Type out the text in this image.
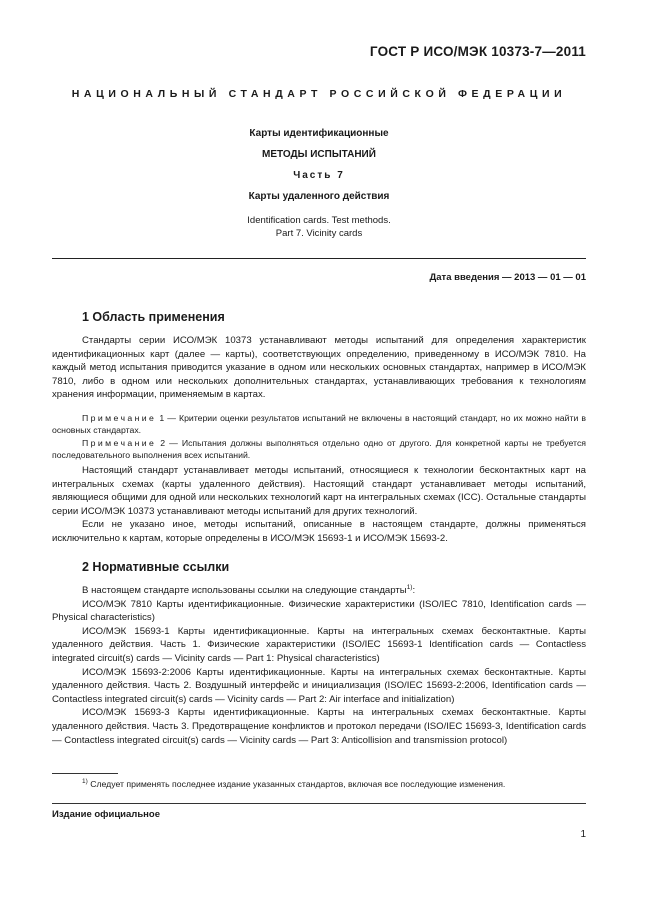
ГОСТ Р ИСО/МЭК 10373-7—2011
НАЦИОНАЛЬНЫЙ СТАНДАРТ РОССИЙСКОЙ ФЕДЕРАЦИИ
Карты идентификационные
МЕТОДЫ ИСПЫТАНИЙ
Часть 7
Карты удаленного действия
Identification cards. Test methods.
Part 7. Vicinity cards
Дата введения — 2013 — 01 — 01
1 Область применения

Стандарты серии ИСО/МЭК 10373 устанавливают методы испытаний для определения характеристик идентификационных карт (далее — карты), соответствующих определению, приведенному в ИСО/МЭК 7810. На каждый метод испытания приводится указание в одном или нескольких основных стандартах, например в ИСО/МЭК 7810, либо в одном или нескольких дополнительных стандартах, устанавливающих требования к технологиям хранения информации, применяемым в картах.

Примечание 1 — Критерии оценки результатов испытаний не включены в настоящий стандарт, но их можно найти в основных стандартах.

Примечание 2 — Испытания должны выполняться отдельно одно от другого. Для конкретной карты не требуется последовательного выполнения всех испытаний.

Настоящий стандарт устанавливает методы испытаний, относящиеся к технологии бесконтактных карт на интегральных схемах (карты удаленного действия). Настоящий стандарт устанавливает методы испытаний, являющиеся общими для одной или нескольких технологий карт на интегральных схемах (ICC). Остальные стандарты серии ИСО/МЭК 10373 устанавливают методы испытаний для других технологий.

Если не указано иное, методы испытаний, описанные в настоящем стандарте, должны применяться исключительно к картам, которые определены в ИСО/МЭК 15693-1 и ИСО/МЭК 15693-2.

2 Нормативные ссылки

В настоящем стандарте использованы ссылки на следующие стандарты$^{1)}$:

ИСО/МЭК 7810 Карты идентификационные. Физические характеристики (ISO/IEC 7810, Identification cards — Physical characteristics)

ИСО/МЭК 15693-1 Карты идентификационные. Карты на интегральных схемах бесконтактные. Карты удаленного действия. Часть 1. Физические характеристики (ISO/IEC 15693-1 Identification cards — Contactless integrated circuit(s) cards — Vicinity cards — Part 1: Physical characteristics)

ИСО/МЭК 15693-2:2006 Карты идентификационные. Карты на интегральных схемах бесконтактные. Карты удаленного действия. Часть 2. Воздушный интерфейс и инициализация (ISO/IEC 15693-2:2006, Identification cards — Contactless integrated circuit(s) cards — Vicinity cards — Part 2: Air interface and initialization)

ИСО/МЭК 15693-3 Карты идентификационные. Карты на интегральных схемах бесконтактные. Карты удаленного действия. Часть 3. Предотвращение конфликтов и протокол передачи (ISO/IEC 15693-3, Identification cards — Contactless integrated circuit(s) cards — Vicinity cards — Part 3: Anticollision and transmission protocol)

$^{1)}$ Следует применять последнее издание указанных стандартов, включая все последующие изменения.
Издание официальное
1
